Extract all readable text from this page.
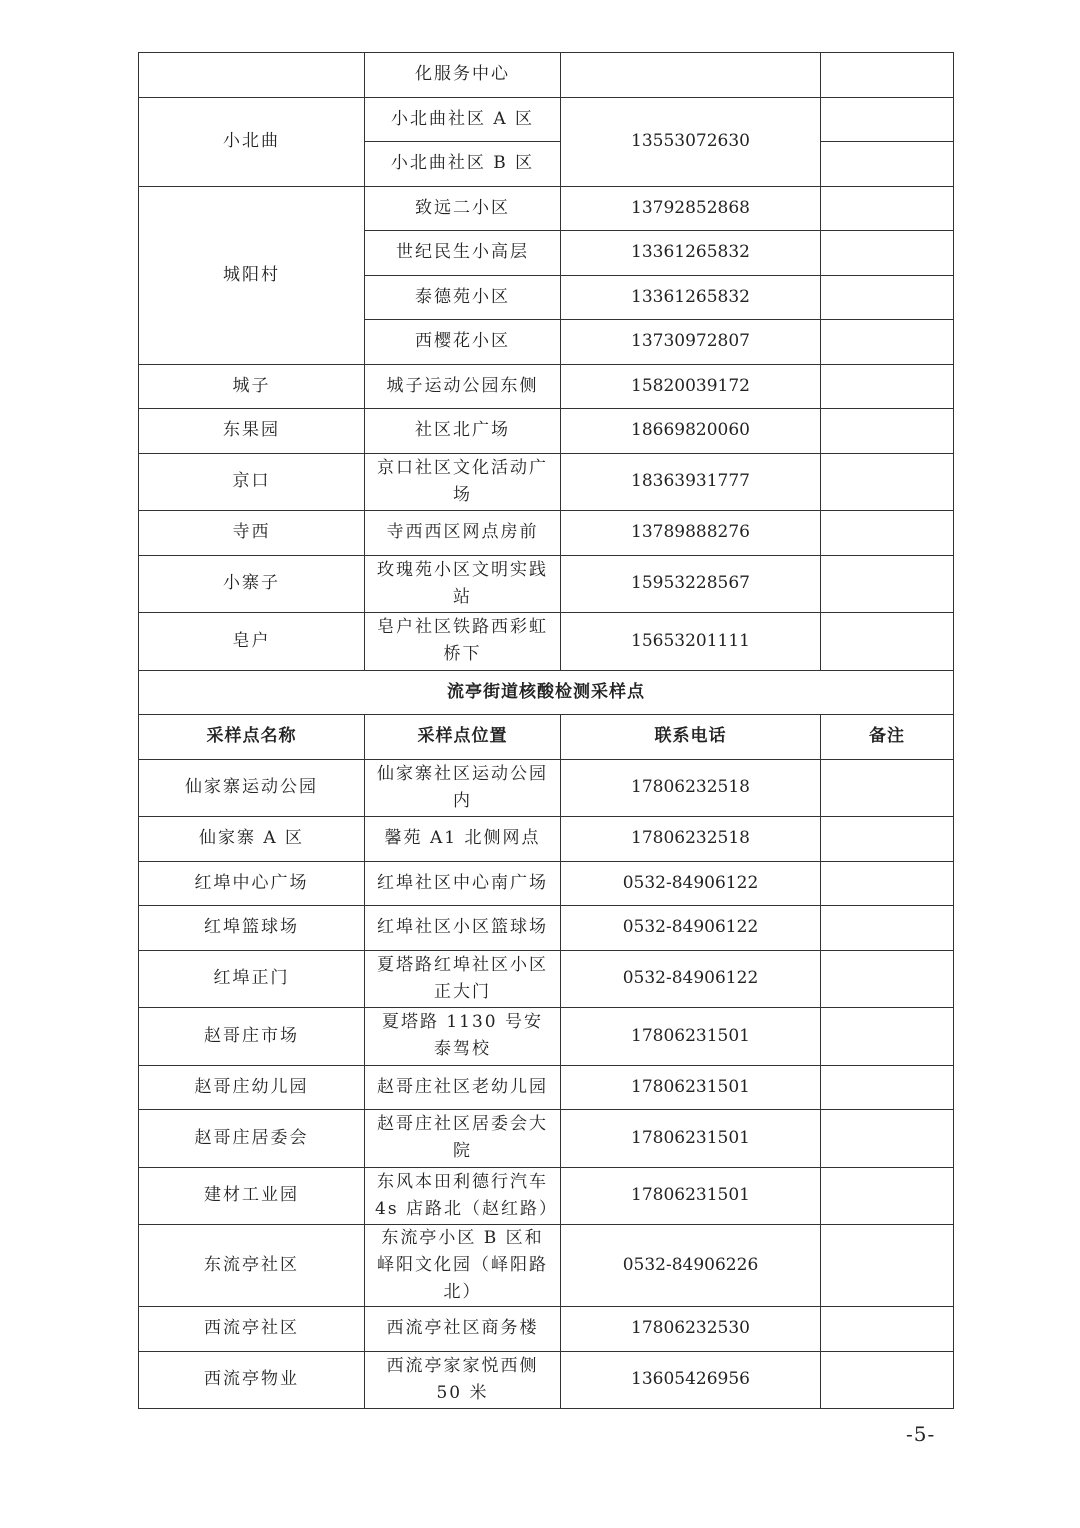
	化服务中心		
小北曲	小北曲社区 A 区	13553072630	
	小北曲社区 B 区		
城阳村	致远二小区	13792852868	
	世纪民生小高层	13361265832	
	泰德苑小区	13361265832	
	西樱花小区	13730972807	
城子	城子运动公园东侧	15820039172	
东果园	社区北广场	18669820060	
京口	京口社区文化活动广场	18363931777	
寺西	寺西西区网点房前	13789888276	
小寨子	玫瑰苑小区文明实践站	15953228567	
皂户	皂户社区铁路西彩虹桥下	15653201111	
流亭街道核酸检测采样点			
采样点名称	采样点位置	联系电话	备注
仙家寨运动公园	仙家寨社区运动公园内	17806232518	
仙家寨 A 区	馨苑 A1 北侧网点	17806232518	
红埠中心广场	红埠社区中心南广场	0532-84906122	
红埠篮球场	红埠社区小区篮球场	0532-84906122	
红埠正门	夏塔路红埠社区小区正大门	0532-84906122	
赵哥庄市场	夏塔路 1130 号安泰驾校	17806231501	
赵哥庄幼儿园	赵哥庄社区老幼儿园	17806231501	
赵哥庄居委会	赵哥庄社区居委会大院	17806231501	
建材工业园	东风本田利德行汽车 4s 店路北（赵红路）	17806231501	
东流亭社区	东流亭小区 B 区和峄阳文化园（峄阳路北）	0532-84906226	
西流亭社区	西流亭社区商务楼	17806232530	
西流亭物业	西流亭家家悦西侧 50 米	13605426956	
-5-
